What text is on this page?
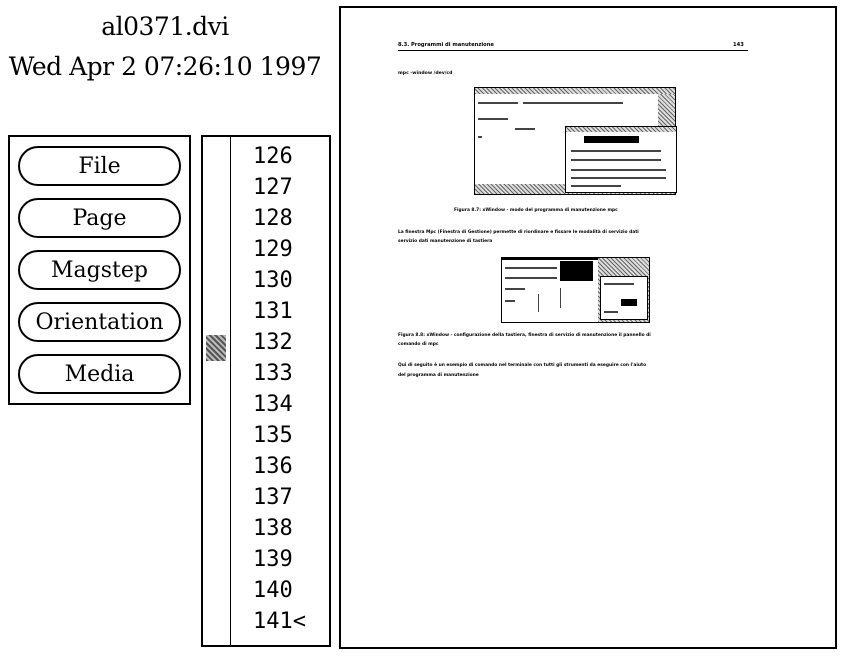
al0371.dvi
Wed Apr 2 07:26:10 1997
File
Page
Magstep
Orientation
Media
126
127
128
129
130
131
132
133
134
135
136
137
138
139
140
141<
8.3. Programmi di manutenzione	143
mpc -window /dev/cd
Figura 8.7: xWindow - modo del programma di manutenzione mpc
La finestra Mpc (Finestra di Gestione) permette di riordinare e fissare le modalità di servizio dati
servizio dati manutenzione di tastiera
Figura 8.8: xWindow - configurazione della tastiera, finestra di servizio di manutenzione il pannello di
comando di mpc
Qui di seguito è un esempio di comando nel terminale con tutti gli strumenti da eseguire con l'aiuto
del programma di manutenzione
